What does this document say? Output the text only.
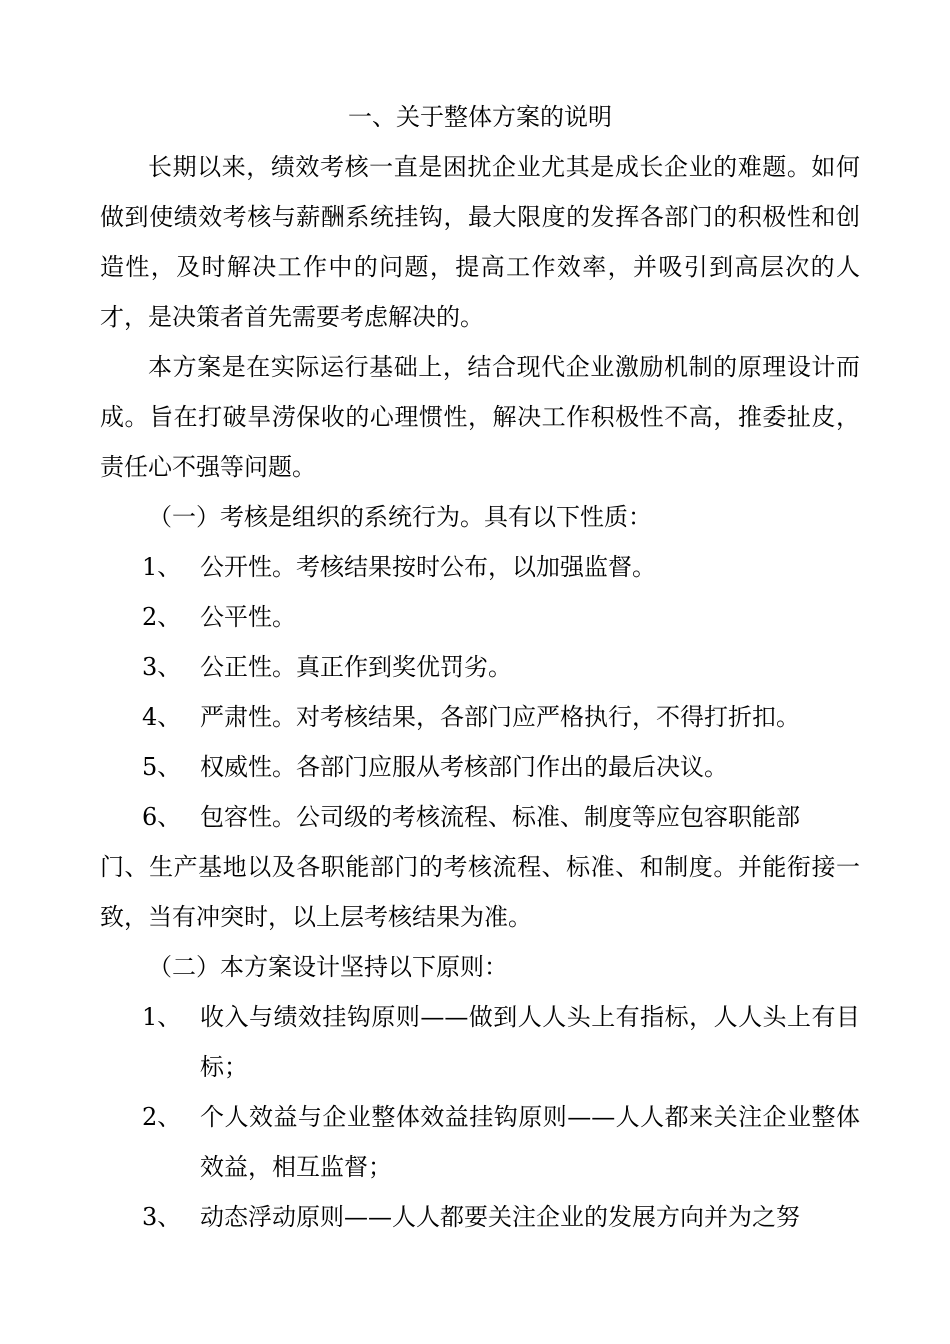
一、关于整体方案的说明
长期以来，绩效考核一直是困扰企业尤其是成长企业的难题。如何做到使绩效考核与薪酬系统挂钩，最大限度的发挥各部门的积极性和创造性，及时解决工作中的问题，提高工作效率，并吸引到高层次的人才，是决策者首先需要考虑解决的。
本方案是在实际运行基础上，结合现代企业激励机制的原理设计而成。旨在打破旱涝保收的心理惯性，解决工作积极性不高，推委扯皮，责任心不强等问题。
（一）考核是组织的系统行为。具有以下性质：
1、 公开性。考核结果按时公布，以加强监督。
2、 公平性。
3、 公正性。真正作到奖优罚劣。
4、 严肃性。对考核结果，各部门应严格执行，不得打折扣。
5、 权威性。各部门应服从考核部门作出的最后决议。
6、 包容性。公司级的考核流程、标准、制度等应包容职能部
门、生产基地以及各职能部门的考核流程、标准、和制度。并能衔接一致，当有冲突时，以上层考核结果为准。
（二）本方案设计坚持以下原则：
1、 收入与绩效挂钩原则——做到人人头上有指标，人人头上有目标；
2、 个人效益与企业整体效益挂钩原则——人人都来关注企业整体效益，相互监督；
3、 动态浮动原则——人人都要关注企业的发展方向并为之努
